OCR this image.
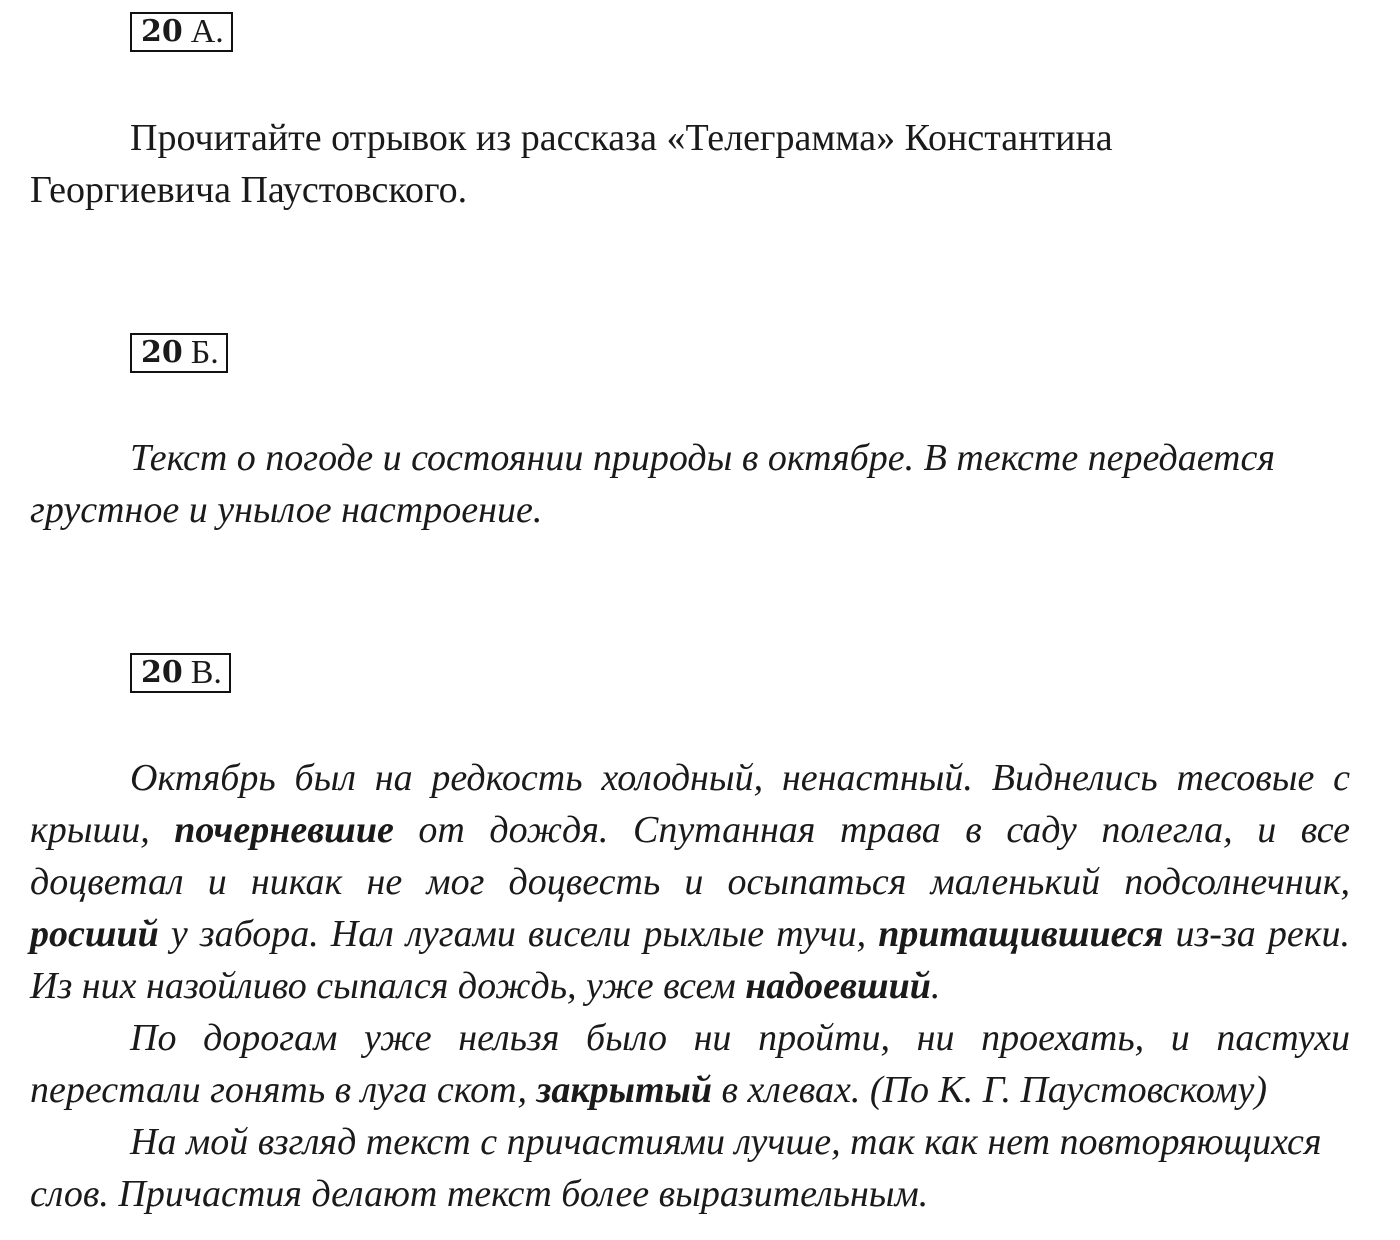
20 А.

Прочитайте отрывок из рассказа «Телеграмма» Константина Георгиевича Паустовского.

20 Б.

Текст о погоде и состоянии природы в октябре. В тексте передается грустное и унылое настроение.

20 В.

Октябрь был на редкость холодный, ненастный. Виднелись тесовые с крыши, почерневшие от дождя. Спутанная трава в саду полегла, и все доцветал и никак не мог доцвесть и осыпаться маленький подсолнечник, росший у забора. Нал лугами висели рыхлые тучи, притащившиеся из-за реки. Из них назойливо сыпался дождь, уже всем надоевший.

По дорогам уже нельзя было ни пройти, ни проехать, и пастухи перестали гонять в луга скот, закрытый в хлевах. (По К. Г. Паустовскому)

На мой взгляд текст с причастиями лучше, так как нет повторяющихся слов. Причастия делают текст более выразительным.
